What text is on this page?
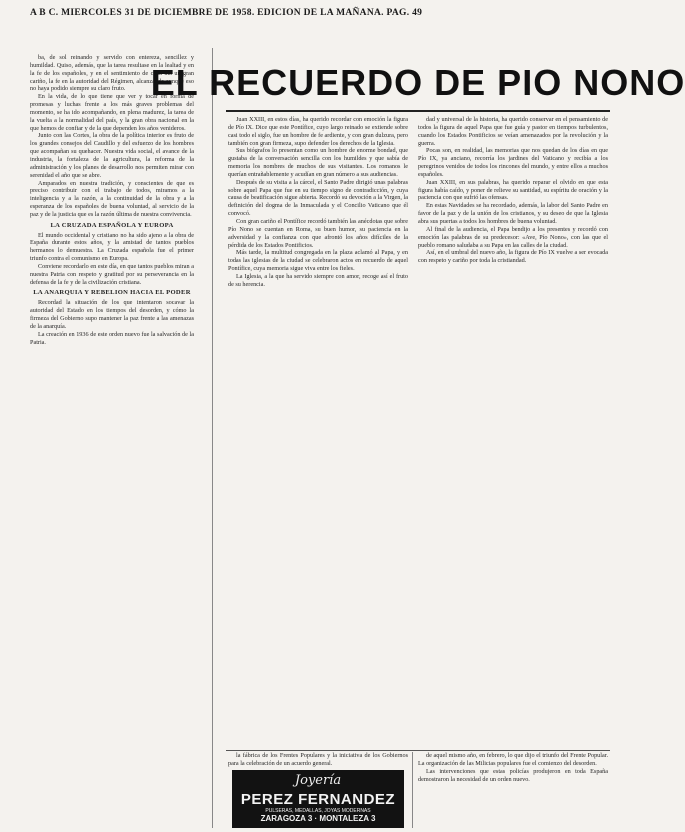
A B C. MIERCOLES 31 DE DICIEMBRE DE 1958. EDICION DE LA MAÑANA. PAG. 49

ba, de sol reinando y servido con entereza, sencillez y humildad. Quiso, además, que la tarea resultase en la lealtad y en la fe de los españoles, y en el sentimiento de cada día un gran cariño, la fe en la autoridad del Régimen, alcanzando aunque eso no haya podido siempre su claro fruto.

En la vida, de lo que tiene que ver y tocar en forma de promesas y luchas frente a los más graves problemas del momento, se ha ido acompañando, en plena madurez, la tarea de la vuelta a la normalidad del país, y la gran obra nacional en la que hemos de confiar y de la que dependen los años venideros.

Junto con las Cortes, la obra de la política interior es fruto de los grandes consejos del Caudillo y del esfuerzo de los hombres que acompañan su quehacer. Nuestra vida social, el avance de la industria, la fortaleza de la agricultura, la reforma de la administración y los planes de desarrollo nos permiten mirar con serenidad el año que se abre.

Amparados en nuestra tradición, y conscientes de que es preciso contribuir con el trabajo de todos, miramos a la inteligencia y a la razón, a la continuidad de la obra y a la esperanza de los españoles de buena voluntad, al servicio de la paz y de la justicia que es la razón última de nuestra convivencia.

LA CRUZADA ESPAÑOLA Y EUROPA

El mundo occidental y cristiano no ha sido ajeno a la obra de España durante estos años, y la amistad de tantos pueblos hermanos lo demuestra. La Cruzada española fue el primer triunfo contra el comunismo en Europa.

Conviene recordarlo en este día, en que tantos pueblos miran a nuestra Patria con respeto y gratitud por su perseverancia en la defensa de la fe y de la civilización cristiana.

LA ANARQUIA Y REBELION HACIA EL PODER

Recordad la situación de los que intentaron socavar la autoridad del Estado en los tiempos del desorden, y cómo la firmeza del Gobierno supo mantener la paz frente a las amenazas de la anarquía.

La creación en 1936 de este orden nuevo fue la salvación de la Patria.

EL RECUERDO DE PIO NONO

Juan XXIII, en estos días, ha querido recordar con emoción la figura de Pío IX. Dice que este Pontífice, cuyo largo reinado se extiende sobre casi todo el siglo, fue un hombre de fe ardiente, y con gran dulzura, pero también con gran firmeza, supo defender los derechos de la Iglesia.

Sus biógrafos lo presentan como un hombre de enorme bondad, que gustaba de la conversación sencilla con los humildes y que sabía de memoria los nombres de muchos de sus visitantes. Los romanos le querían entrañablemente y acudían en gran número a sus audiencias.

Después de su visita a la cárcel, el Santo Padre dirigió unas palabras sobre aquel Papa que fue en su tiempo signo de contradicción, y cuya causa de beatificación sigue abierta. Recordó su devoción a la Virgen, la definición del dogma de la Inmaculada y el Concilio Vaticano que él convocó.

Con gran cariño el Pontífice recordó también las anécdotas que sobre Pío Nono se cuentan en Roma, su buen humor, su paciencia en la adversidad y la confianza con que afrontó los años difíciles de la pérdida de los Estados Pontificios.

Más tarde, la multitud congregada en la plaza aclamó al Papa, y en todas las iglesias de la ciudad se celebraron actos en recuerdo de aquel Pontífice, cuya memoria sigue viva entre los fieles.

La Iglesia, a la que ha servido siempre con amor, recoge así el fruto de su herencia.

dad y universal de la historia, ha querido conservar en el pensamiento de todos la figura de aquel Papa que fue guía y pastor en tiempos turbulentos, cuando los Estados Pontificios se veían amenazados por la revolución y la guerra.

Pocas son, en realidad, las memorias que nos quedan de los días en que Pío IX, ya anciano, recorría los jardines del Vaticano y recibía a los peregrinos venidos de todos los rincones del mundo, y entre ellos a muchos españoles.

Juan XXIII, en sus palabras, ha querido reparar el olvido en que esta figura había caído, y poner de relieve su santidad, su espíritu de oración y la paciencia con que sufrió las ofensas.

En estas Navidades se ha recordado, además, la labor del Santo Padre en favor de la paz y de la unión de los cristianos, y su deseo de que la Iglesia abra sus puertas a todos los hombres de buena voluntad.

Al final de la audiencia, el Papa bendijo a los presentes y recordó con emoción las palabras de su predecesor: «Ave, Pío Nono», con las que el pueblo romano saludaba a su Papa en las calles de la ciudad.

Así, en el umbral del nuevo año, la figura de Pío IX vuelve a ser evocada con respeto y cariño por toda la cristiandad.

la fábrica de los Frentes Populares y la iniciativa de los Gobiernos para la celebración de un acuerdo general.

Joyería
PEREZ FERNANDEZ
PULSERAS, MEDALLAS, JOYAS MODERNAS
ZARAGOZA 3 · MONTALEZA 3

de aquel mismo año, en febrero, lo que dijo el triunfo del Frente Popular. La organización de las Milicias populares fue el comienzo del desorden.

Las intervenciones que estas policías produjeron en toda España demostraron la necesidad de un orden nuevo.
